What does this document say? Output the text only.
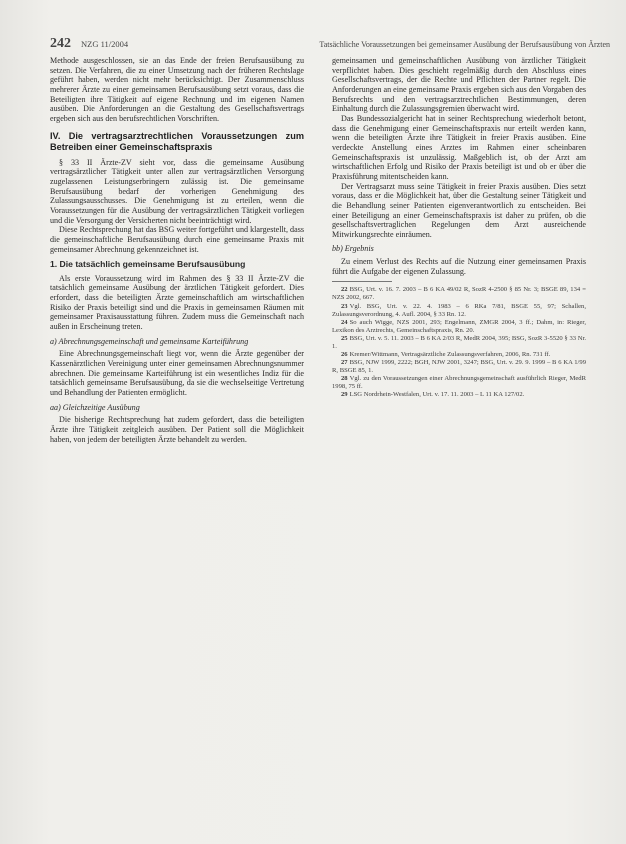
242 NZG 11/2004	Tatsächliche Voraussetzungen bei gemeinsamer Ausübung der Berufsausübung von Ärzten

Methode ausgeschlossen, sie an das Ende der freien Berufsausübung zu setzen. Die Verfahren, die zu einer Umsetzung nach der früheren Rechtslage geführt haben, werden nicht mehr berücksichtigt. Der Zusammenschluss mehrerer Ärzte zu einer gemeinsamen Berufsausübung setzt voraus, dass die Beteiligten ihre Tätigkeit auf eigene Rechnung und im eigenen Namen ausüben. Die Anforderungen an die Gestaltung des Gesellschaftsvertrags ergeben sich aus den berufsrechtlichen Vorschriften.

IV. Die vertragsarztrechtlichen Voraussetzungen zum Betreiben einer Gemeinschaftspraxis

§ 33 II Ärzte-ZV sieht vor, dass die gemeinsame Ausübung vertragsärztlicher Tätigkeit unter allen zur vertragsärztlichen Versorgung zugelassenen Leistungserbringern zulässig ist. Die gemeinsame Berufsausübung bedarf der vorherigen Genehmigung des Zulassungsausschusses. Die Genehmigung ist zu erteilen, wenn die Voraussetzungen für die Ausübung der vertragsärztlichen Tätigkeit vorliegen und die Versorgung der Versicherten nicht beeinträchtigt wird.

Diese Rechtsprechung hat das BSG weiter fortgeführt und klargestellt, dass die gemeinschaftliche Berufsausübung durch eine gemeinsame Praxis mit gemeinsamer Abrechnung gekennzeichnet ist.

1. Die tatsächlich gemeinsame Berufsausübung

Als erste Voraussetzung wird im Rahmen des § 33 II Ärzte-ZV die tatsächlich gemeinsame Ausübung der ärztlichen Tätigkeit gefordert. Dies erfordert, dass die beteiligten Ärzte gemeinschaftlich am wirtschaftlichen Risiko der Praxis beteiligt sind und die Praxis in gemeinsamen Räumen mit gemeinsamer Praxisausstattung führen. Zudem muss die Gemeinschaft nach außen in Erscheinung treten.

a) Abrechnungsgemeinschaft und gemeinsame Karteiführung

Eine Abrechnungsgemeinschaft liegt vor, wenn die Ärzte gegenüber der Kassenärztlichen Vereinigung unter einer gemeinsamen Abrechnungsnummer abrechnen. Die gemeinsame Karteiführung ist ein wesentliches Indiz für die tatsächlich gemeinsame Berufsausübung, da sie die wechselseitige Vertretung und Behandlung der Patienten ermöglicht.

aa) Gleichzeitige Ausübung

Die bisherige Rechtsprechung hat zudem gefordert, dass die beteiligten Ärzte ihre Tätigkeit zeitgleich ausüben. Der Patient soll die Möglichkeit haben, von jedem der beteiligten Ärzte behandelt zu werden.

gemeinsamen und gemeinschaftlichen Ausübung von ärztlicher Tätigkeit verpflichtet haben. Dies geschieht regelmäßig durch den Abschluss eines Gesellschaftsvertrags, der die Rechte und Pflichten der Partner regelt. Die Anforderungen an eine gemeinsame Praxis ergeben sich aus den Vorgaben des Berufsrechts und den vertragsarztrechtlichen Bestimmungen, deren Einhaltung durch die Zulassungsgremien überwacht wird.

Das Bundessozialgericht hat in seiner Rechtsprechung wiederholt betont, dass die Genehmigung einer Gemeinschaftspraxis nur erteilt werden kann, wenn die beteiligten Ärzte ihre Tätigkeit in freier Praxis ausüben. Eine verdeckte Anstellung eines Arztes im Rahmen einer scheinbaren Gemeinschaftspraxis ist unzulässig. Maßgeblich ist, ob der Arzt am wirtschaftlichen Erfolg und Risiko der Praxis beteiligt ist und ob er über die Praxisführung mitentscheiden kann.

Der Vertragsarzt muss seine Tätigkeit in freier Praxis ausüben. Dies setzt voraus, dass er die Möglichkeit hat, über die Gestaltung seiner Tätigkeit und die Behandlung seiner Patienten eigenverantwortlich zu entscheiden. Bei einer Beteiligung an einer Gemeinschaftspraxis ist daher zu prüfen, ob die gesellschaftsvertraglichen Regelungen dem Arzt ausreichende Mitwirkungsrechte einräumen.

bb) Ergebnis

Zu einem Verlust des Rechts auf die Nutzung einer gemeinsamen Praxis führt die Aufgabe der eigenen Zulassung.

22 BSG, Urt. v. 16. 7. 2003 – B 6 KA 49/02 R, SozR 4-2500 § 85 Nr. 3; BSGE 89, 134 = NZS 2002, 667.

23 Vgl. BSG, Urt. v. 22. 4. 1983 – 6 RKa 7/81, BSGE 55, 97; Schallen, Zulassungsverordnung, 4. Aufl. 2004, § 33 Rn. 12.

24 So auch Wigge, NZS 2001, 293; Engelmann, ZMGR 2004, 3 ff.; Dahm, in: Rieger, Lexikon des Arztrechts, Gemeinschaftspraxis, Rn. 20.

25 BSG, Urt. v. 5. 11. 2003 – B 6 KA 2/03 R, MedR 2004, 395; BSG, SozR 3-5520 § 33 Nr. 1.

26 Kremer/Wittmann, Vertragsärztliche Zulassungsverfahren, 2006, Rn. 731 ff.

27 BSG, NJW 1999, 2222; BGH, NJW 2001, 3247; BSG, Urt. v. 29. 9. 1999 – B 6 KA 1/99 R, BSGE 85, 1.

28 Vgl. zu den Voraussetzungen einer Abrechnungsgemeinschaft ausführlich Rieger, MedR 1998, 75 ff.

29 LSG Nordrhein-Westfalen, Urt. v. 17. 11. 2003 – L 11 KA 127/02.
